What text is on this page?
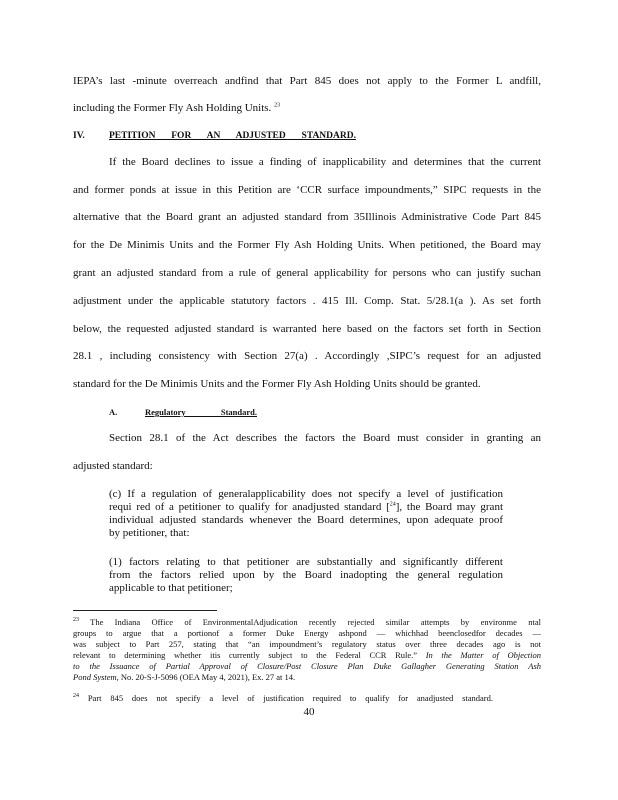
IEPA’s last -minute overreach andfind that Part 845 does not apply to the Former L andfill,
including the Former Fly Ash Holding Units. $^{23}$
IV.	PETITION FOR AN ADJUSTED STANDARD.
If the Board declines to issue a finding of inapplicability and determines that the current
and former ponds at issue in this Petition are ‘CCR surface impoundments,” SIPC requests in the
alternative that the Board grant an adjusted standard from 35Illinois Administrative Code Part 845
for the De Minimis Units and the Former Fly Ash Holding Units. When petitioned, the Board may
grant an adjusted standard from a rule of general applicability for persons who can justify suchan
adjustment under the applicable statutory factors . 415 Ill. Comp. Stat. 5/28.1(a ). As set forth
below, the requested adjusted standard is warranted here based on the factors set forth in Section
28.1 , including consistency with Section 27(a) . Accordingly ,SIPC’s request for an adjusted
standard for the De Minimis Units and the Former Fly Ash Holding Units should be granted.
A.	Regulatory Standard.
Section 28.1 of the Act describes the factors the Board must consider in granting an
adjusted standard:
(c) If a regulation of generalapplicability does not specify a level of justification
requi red of a petitioner to qualify for anadjusted standard [$^{24}$], the Board may grant
individual adjusted standards whenever the Board determines, upon adequate proof
by petitioner, that:
(1) factors relating to that petitioner are substantially and significantly different
from the factors relied upon by the Board inadopting the general regulation
applicable to that petitioner;
$^{23}$ The Indiana Office of EnvironmentalAdjudication recently rejected similar attempts by environme ntal
groups to argue that a portionof a former Duke Energy ashpond — whichhad beenclosedfor decades —
was subject to Part 257, stating that “an impoundment’s regulatory status over three decades ago is not
relevant to determining whether itis currently subject to the Federal CCR Rule.” In the Matter of Objection
to the Issuance of Partial Approval of Closure/Post Closure Plan Duke Gallagher Generating Station Ash
Pond System, No. 20-S-J-5096 (OEA May 4, 2021), Ex. 27 at 14.
$^{24}$ Part 845 does not specify a level of justification required to qualify for anadjusted standard.
40
